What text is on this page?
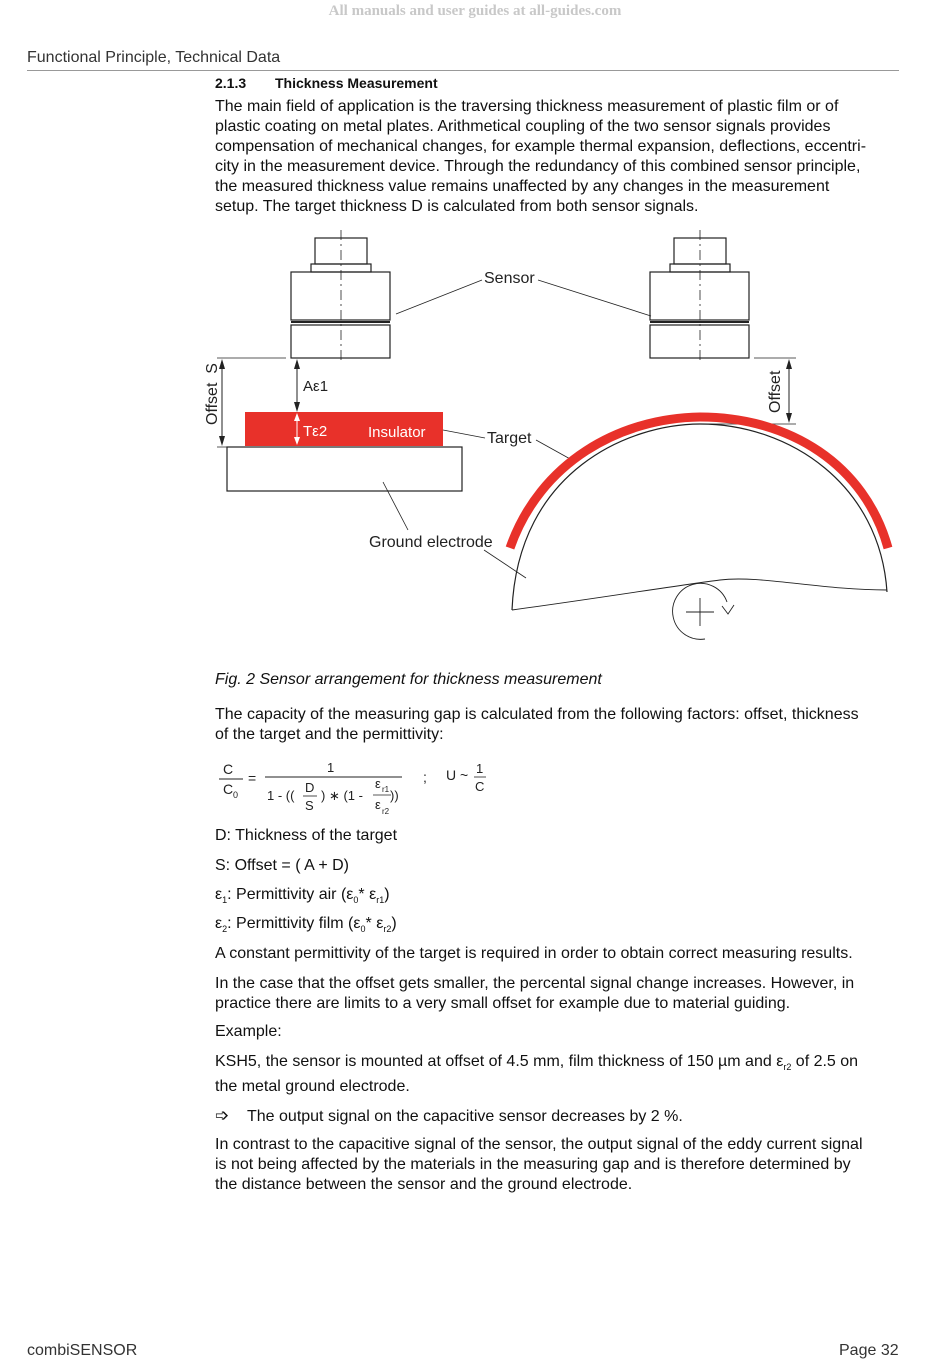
All manuals and user guides at all-guides.com
Functional Principle, Technical Data
2.1.3 Thickness Measurement

The main field of application is the traversing thickness measurement of plastic film or of
plastic coating on metal plates. Arithmetical coupling of the two sensor signals provides
compensation of mechanical changes, for example thermal expansion, deflections, eccentri-
city in the measurement device. Through the redundancy of this combined sensor principle,
the measured thickness value remains unaffected by any changes in the measurement
setup. The target thickness D is calculated from both sensor signals.

Sensor
Offset  S	Aε1
Tε2	Insulator	Target
Ground electrode
Offset
Fig. 2 Sensor arrangement for thickness measurement

The capacity of the measuring gap is calculated from the following factors: offset, thickness
of the target and the permittivity:

C
C 0
=
1
1 - ((
D
S
) ∗ (1 -
ε r1
ε r2
))
; U ~ 1
C
D: Thickness of the target
S: Offset = ( A + D)
$\varepsilon_1$: Permittivity air ($\varepsilon_0*$ $\varepsilon_{r1}$)
$\varepsilon_2$: Permittivity film ($\varepsilon_0*$ $\varepsilon_{r2}$)
A constant permittivity of the target is required in order to obtain correct measuring results.

In the case that the offset gets smaller, the percental signal change increases. However, in
practice there are limits to a very small offset for example due to material guiding.

Example:

KSH5, the sensor is mounted at offset of 4.5 mm, film thickness of 150 µm and $\varepsilon_{r2}$ of 2.5 on
the metal ground electrode.

➩ The output signal on the capacitive sensor decreases by 2 %.

In contrast to the capacitive signal of the sensor, the output signal of the eddy current signal
is not being affected by the materials in the measuring gap and is therefore determined by
the distance between the sensor and the ground electrode.

combiSENSOR	Page 32
